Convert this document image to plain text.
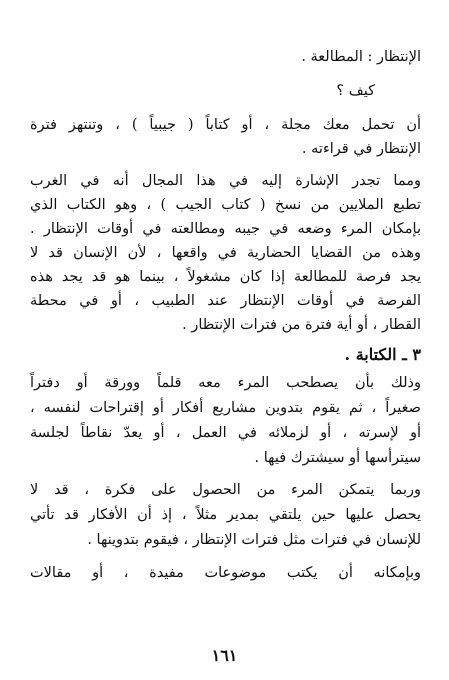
الإنتظار : المطالعة .
كيف ؟
أن تحمل معك مجلة ، أو كتاباً ( جيبياً ) ، وتنتهز فترة
الإنتظار في قراءته .
ومما تجدر الإشارة إليه في هذا المجال أنه في الغرب
تطبع الملايين من نسخ ( كتاب الجيب ) ، وهو الكتاب الذي
بإمكان المرء وضعه في جيبه ومطالعته في أوقات الإنتظار .
وهذه من القضايا الحضارية في واقعها ، لأن الإنسان قد لا
يجد فرصة للمطالعة إذا كان مشغولاً ، بينما هو قد يجد هذه
الفرصة في أوقات الإنتظار عند الطبيب ، أو في محطة
القطار ، أو أية فترة من فترات الإنتظار .
٣ ـ الكتابة .
وذلك بأن يصطحب المرء معه قلماً وورقة أو دفتراً
صغيراً ، ثم يقوم بتدوين مشاريع أفكار أو إقتراحات لنفسه ،
أو لإسرته ، أو لزملائه في العمل ، أو يعدّ نقاطاً لجلسة
سيترأسها أو سيشترك فيها .
وربما يتمكن المرء من الحصول على فكرة ، قد لا
يحصل عليها حين يلتقي بمدير مثلاً ، إذ أن الأفكار قد تأتي
للإنسان في فترات مثل فترات الإنتظار ، فيقوم بتدوينها .
وبإمكانه أن يكتب موضوعات مفيدة ، أو مقالات
١٦١
